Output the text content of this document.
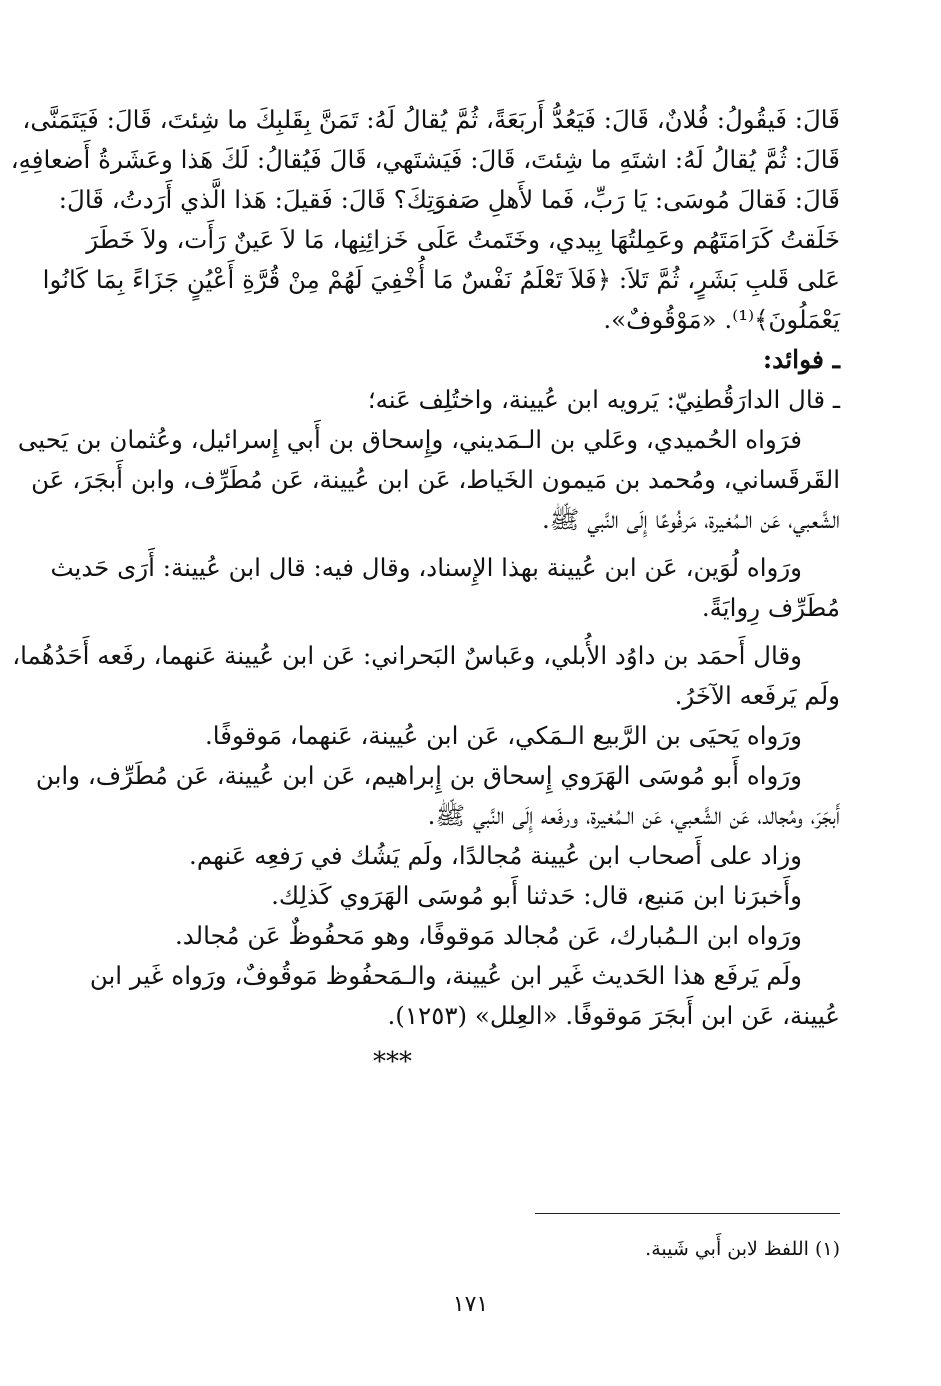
قَالَ: فَيقُولُ: فُلانٌ، قَالَ: فَيَعُدُّ أَربَعَةً، ثُمَّ يُقالُ لَهُ: تَمَنَّ بِقَلبِكَ ما شِئتَ، قَالَ: فَيَتَمَنَّى،
قَالَ: ثُمَّ يُقالُ لَهُ: اشتَهِ ما شِئتَ، قَالَ: فَيَشتَهي، قَالَ فَيُقالُ: لَكَ هَذا وعَشَرةُ أَضعافِهِ،
قَالَ: فَقالَ مُوسَى: يَا رَبِّ، فَما لأَهلِ صَفوَتِكَ؟ قَالَ: فَقيلَ: هَذا الَّذي أَرَدتُ، قَالَ:
خَلَقتُ كَرَامَتَهُم وعَمِلتُهَا بِيدي، وخَتَمتُ عَلَى خَزائِنِها، مَا لاَ عَينٌ رَأَت، ولاَ خَطَرَ
عَلى قَلبِ بَشَرٍ، ثُمَّ تَلاَ: ﴿فَلاَ تَعْلَمُ نَفْسٌ مَا أُخْفِيَ لَهُمْ مِنْ قُرَّةِ أَعْيُنٍ جَزَاءً بِمَا كَانُوا
يَعْمَلُونَ﴾⁽¹⁾. «مَوْقُوفٌ».
ـ فوائد:
ـ قال الدارَقُطنِيّ: يَرويه ابن عُيينة، واختُلِف عَنه؛
فرَواه الحُميدي، وعَلي بن الـمَديني، وإِسحاق بن أَبي إِسرائيل، وعُثمان بن يَحيى
القَرقَساني، ومُحمد بن مَيمون الخَياط، عَن ابن عُيينة، عَن مُطَرِّف، وابن أَبجَرَ، عَن
الشَّعبي، عَن الـمُغيرة، مَرفُوعًا إِلَى النَّبي ﷺ.
ورَواه لُوَين، عَن ابن عُيينة بهذا الإِسناد، وقال فيه: قال ابن عُيينة: أَرَى حَديث
مُطَرِّف رِوايَةً.
وقال أَحمَد بن داوُد الأُبلي، وعَباسٌ البَحراني: عَن ابن عُيينة عَنهما، رفَعه أَحَدُهُما،
ولَم يَرفَعه الآخَرُ.
ورَواه يَحيَى بن الرَّبيع الـمَكي، عَن ابن عُيينة، عَنهما، مَوقوفًا.
ورَواه أَبو مُوسَى الهَرَوي إِسحاق بن إِبراهيم، عَن ابن عُيينة، عَن مُطَرِّف، وابن
أَبجَرَ، ومُجالد، عَن الشَّعبي، عَن الـمُغيرة، ورفَعه إِلَى النَّبي ﷺ.
وزاد على أَصحاب ابن عُيينة مُجالدًا، ولَم يَشُك في رَفعِه عَنهم.
وأَخبرَنا ابن مَنيع، قال: حَدثنا أَبو مُوسَى الهَرَوي كَذلِك.
ورَواه ابن الـمُبارك، عَن مُجالد مَوقوفًا، وهو مَحفُوظٌ عَن مُجالد.
ولَم يَرفَع هذا الحَديث غَير ابن عُيينة، والـمَحفُوظ مَوقُوفٌ، ورَواه غَير ابن
عُيينة، عَن ابن أَبجَرَ مَوقوفًا. «العِلل» (١٢٥٣).
***
(١) اللفظ لابن أَبي شَيبة.
١٧١
